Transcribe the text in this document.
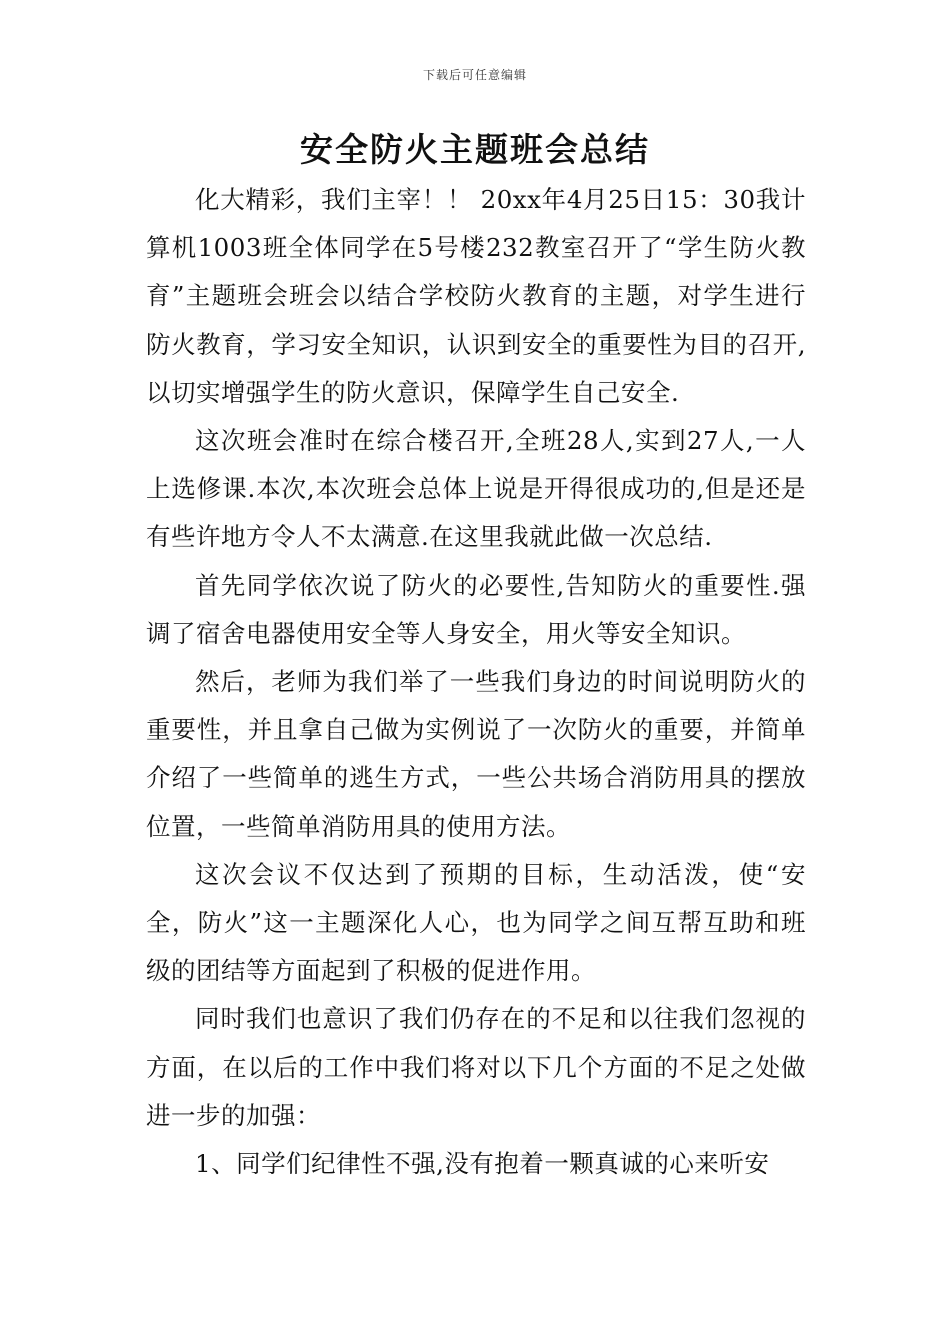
下载后可任意编辑
安全防火主题班会总结

化大精彩，我们主宰！！ 20xx年4月25日15：30我计算机1003班全体同学在5号楼232教室召开了“学生防火教育”主题班会班会以结合学校防火教育的主题，对学生进行防火教育，学习安全知识，认识到安全的重要性为目的召开,以切实增强学生的防火意识，保障学生自己安全.

这次班会准时在综合楼召开,全班28人,实到27人,一人上选修课.本次,本次班会总体上说是开得很成功的,但是还是有些许地方令人不太满意.在这里我就此做一次总结.

首先同学依次说了防火的必要性,告知防火的重要性.强调了宿舍电器使用安全等人身安全，用火等安全知识。

然后，老师为我们举了一些我们身边的时间说明防火的重要性，并且拿自己做为实例说了一次防火的重要，并简单介绍了一些简单的逃生方式，一些公共场合消防用具的摆放位置，一些简单消防用具的使用方法。

这次会议不仅达到了预期的目标，生动活泼，使“安全，防火”这一主题深化人心，也为同学之间互帮互助和班级的团结等方面起到了积极的促进作用。

同时我们也意识了我们仍存在的不足和以往我们忽视的方面，在以后的工作中我们将对以下几个方面的不足之处做进一步的加强：

1、同学们纪律性不强,没有抱着一颗真诚的心来听安
